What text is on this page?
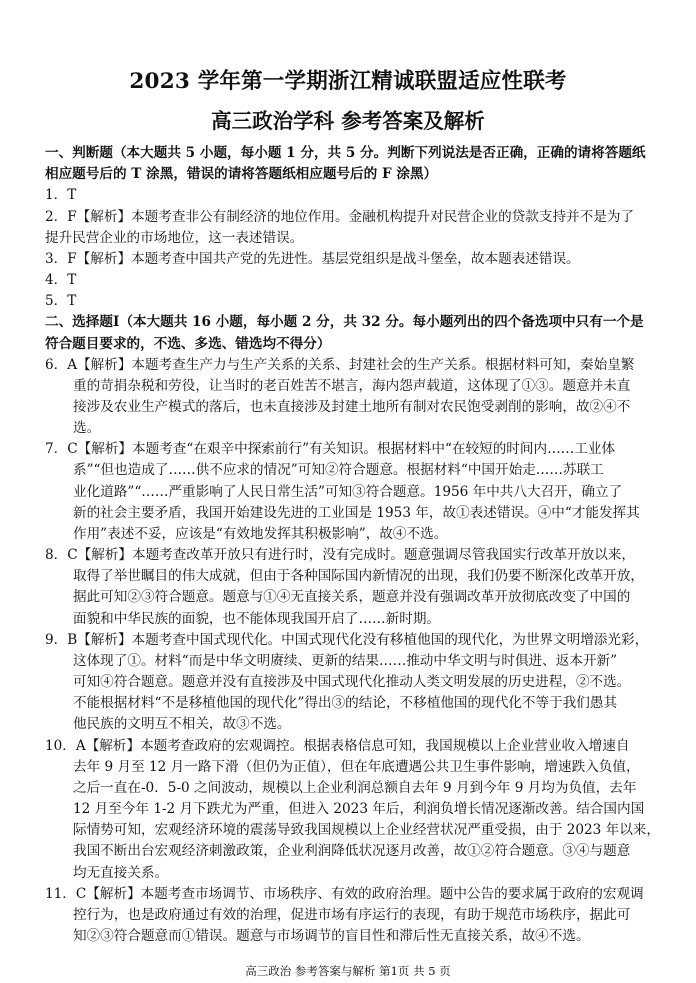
2023 学年第一学期浙江精诚联盟适应性联考
高三政治学科 参考答案及解析
一、判断题（本大题共 5 小题，每小题 1 分，共 5 分。判断下列说法是否正确，正确的请将答题纸
相应题号后的 T 涂黑，错误的请将答题纸相应题号后的 F 涂黑）
1．T
2．F【解析】本题考查非公有制经济的地位作用。金融机构提升对民营企业的贷款支持并不是为了
提升民营企业的市场地位，这一表述错误。
3．F【解析】本题考查中国共产党的先进性。基层党组织是战斗堡垒，故本题表述错误。
4．T
5．T
二、选择题Ⅰ（本大题共 16 小题，每小题 2 分，共 32 分。每小题列出的四个备选项中只有一个是
符合题目要求的，不选、多选、错选均不得分）
6．A【解析】本题考查生产力与生产关系的关系、封建社会的生产关系。根据材料可知，秦始皇繁
重的苛捐杂税和劳役，让当时的老百姓苦不堪言，海内怨声载道，这体现了①③。题意并未直
接涉及农业生产模式的落后，也未直接涉及封建土地所有制对农民饱受剥削的影响，故②④不
选。
7．C【解析】本题考查“在艰辛中探索前行”有关知识。根据材料中“在较短的时间内……工业体
系”“但也造成了……供不应求的情况”可知②符合题意。根据材料“中国开始走……苏联工
业化道路”“……严重影响了人民日常生活”可知③符合题意。1956 年中共八大召开，确立了
新的社会主要矛盾，我国开始建设先进的工业国是 1953 年，故①表述错误。④中“才能发挥其
作用”表述不妥，应该是“有效地发挥其积极影响”，故④不选。
8．C【解析】本题考查改革开放只有进行时，没有完成时。题意强调尽管我国实行改革开放以来，
取得了举世瞩目的伟大成就，但由于各种国际国内新情况的出现，我们仍要不断深化改革开放，
据此可知②③符合题意。题意与①④无直接关系，题意并没有强调改革开放彻底改变了中国的
面貌和中华民族的面貌，也不能体现我国开启了……新时期。
9．B【解析】本题考查中国式现代化。中国式现代化没有移植他国的现代化，为世界文明增添光彩，
这体现了①。材料“而是中华文明赓续、更新的结果……推动中华文明与时俱进、返本开新”
可知④符合题意。题意并没有直接涉及中国式现代化推动人类文明发展的历史进程，②不选。
不能根据材料“不是移植他国的现代化”得出③的结论，不移植他国的现代化不等于我们愚其
他民族的文明互不相关，故③不选。
10．A【解析】本题考查政府的宏观调控。根据表格信息可知，我国规模以上企业营业收入增速自
去年 9 月至 12 月一路下滑（但仍为正值），但在年底遭遇公共卫生事件影响，增速跌入负值，
之后一直在-0．5-0 之间波动，规模以上企业利润总额自去年 9 月到今年 9 月均为负值，去年
12 月至今年 1-2 月下跌尤为严重，但进入 2023 年后，利润负增长情况逐渐改善。结合国内国
际情势可知，宏观经济环境的震荡导致我国规模以上企业经营状况严重受损，由于 2023 年以来，
我国不断出台宏观经济刺激政策，企业利润降低状况逐月改善，故①②符合题意。③④与题意
均无直接关系。
11．C【解析】本题考查市场调节、市场秩序、有效的政府治理。题中公告的要求属于政府的宏观调
控行为，也是政府通过有效的治理，促进市场有序运行的表现，有助于规范市场秩序，据此可
知②③符合题意而①错误。题意与市场调节的盲目性和滞后性无直接关系，故④不选。
高三政治 参考答案与解析 第1页 共 5 页
